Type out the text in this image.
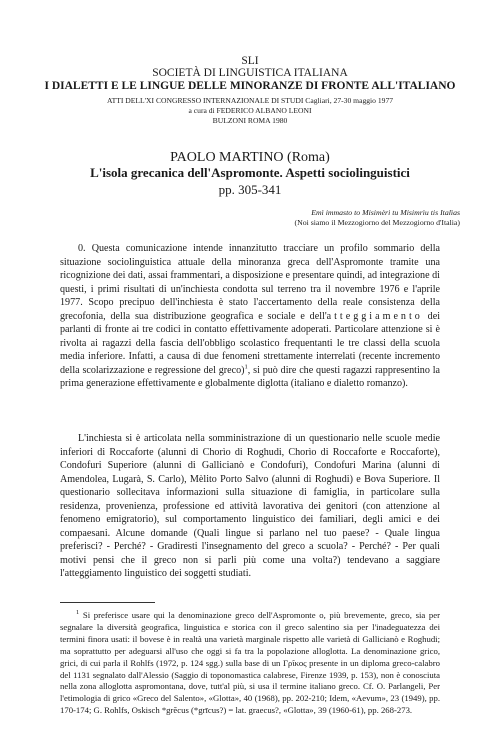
SLI
SOCIETÀ DI LINGUISTICA ITALIANA
I DIALETTI E LE LINGUE DELLE MINORANZE DI FRONTE ALL'ITALIANO
ATTI DELL'XI CONGRESSO INTERNAZIONALE DI STUDI Cagliari, 27-30 maggio 1977
a cura di FEDERICO ALBANO LEONI
BULZONI ROMA 1980
PAOLO MARTINO (Roma)
L'isola grecanica dell'Aspromonte. Aspetti sociolinguistici
pp. 305-341
Emì immasto to Misimèri tu Misimrìu tis Italìas
(Noi siamo il Mezzogiorno del Mezzogiorno d'Italia)

0. Questa comunicazione intende innanzitutto tracciare un profilo sommario della situazione sociolinguistica attuale della minoranza greca dell'Aspromonte tramite una ricognizione dei dati, assai frammentari, a disposizione e presentare quindi, ad integrazione di questi, i primi risultati di un'inchiesta condotta sul terreno tra il novembre 1976 e l'aprile 1977. Scopo precipuo dell'inchiesta è stato l'accertamento della reale consistenza della grecofonia, della sua distribuzione geografica e sociale e dell'atteggiamento dei parlanti di fronte ai tre codici in contatto effettivamente adoperati. Particolare attenzione si è rivolta ai ragazzi della fascia dell'obbligo scolastico frequentanti le tre classi della scuola media inferiore. Infatti, a causa di due fenomeni strettamente interrelati (recente incremento della scolarizzazione e regressione del greco)$^1$, si può dire che questi ragazzi rappresentino la prima generazione effettivamente e globalmente diglotta (italiano e dialetto romanzo).

L'inchiesta si è articolata nella somministrazione di un questionario nelle scuole medie inferiori di Roccaforte (alunni di Chorìo di Roghudi, Chorìo di Roccaforte e Roccaforte), Condofuri Superiore (alunni di Gallicianò e Condofuri), Condofuri Marina (alunni di Amendolea, Lugarà, S. Carlo), Mèlito Porto Salvo (alunni di Roghudi) e Bova Superiore. Il questionario sollecitava informazioni sulla situazione di famiglia, in particolare sulla residenza, provenienza, professione ed attività lavorativa dei genitori (con attenzione al fenomeno emigratorio), sul comportamento linguistico dei familiari, degli amici e dei compaesani. Alcune domande (Quali lingue si parlano nel tuo paese? - Quale lingua preferisci? - Perché? - Gradiresti l'insegnamento del greco a scuola? - Perché? - Per quali motivi pensi che il greco non si parli più come una volta?) tendevano a saggiare l'atteggiamento linguistico dei soggetti studiati.

$^1$ Si preferisce usare qui la denominazione greco dell'Aspromonte o, più brevemente, greco, sia per segnalare la diversità geografica, linguistica e storica con il greco salentino sia per l'inadeguatezza dei termini finora usati: il bovese è in realtà una varietà marginale rispetto alle varietà di Gallicianò e Roghudi; ma soprattutto per adeguarsi all'uso che oggi si fa tra la popolazione alloglotta. La denominazione grico, grici, di cui parla il Rohlfs (1972, p. 124 sgg.) sulla base di un Γρῖκος presente in un diploma greco-calabro del 1131 segnalato dall'Alessio (Saggio di toponomastica calabrese, Firenze 1939, p. 153), non è conosciuta nella zona alloglotta aspromontana, dove, tutt'al più, si usa il termine italiano greco. Cf. O. Parlangeli, Per l'etimologia di grico «Greco del Salento», «Glotta», 40 (1968), pp. 202-210; Idem, «Aevum», 23 (1949), pp. 170-174; G. Rohlfs, Oskisch *grĕcus (*grīcus?) = lat. graecus?, «Glotta», 39 (1960-61), pp. 268-273.
